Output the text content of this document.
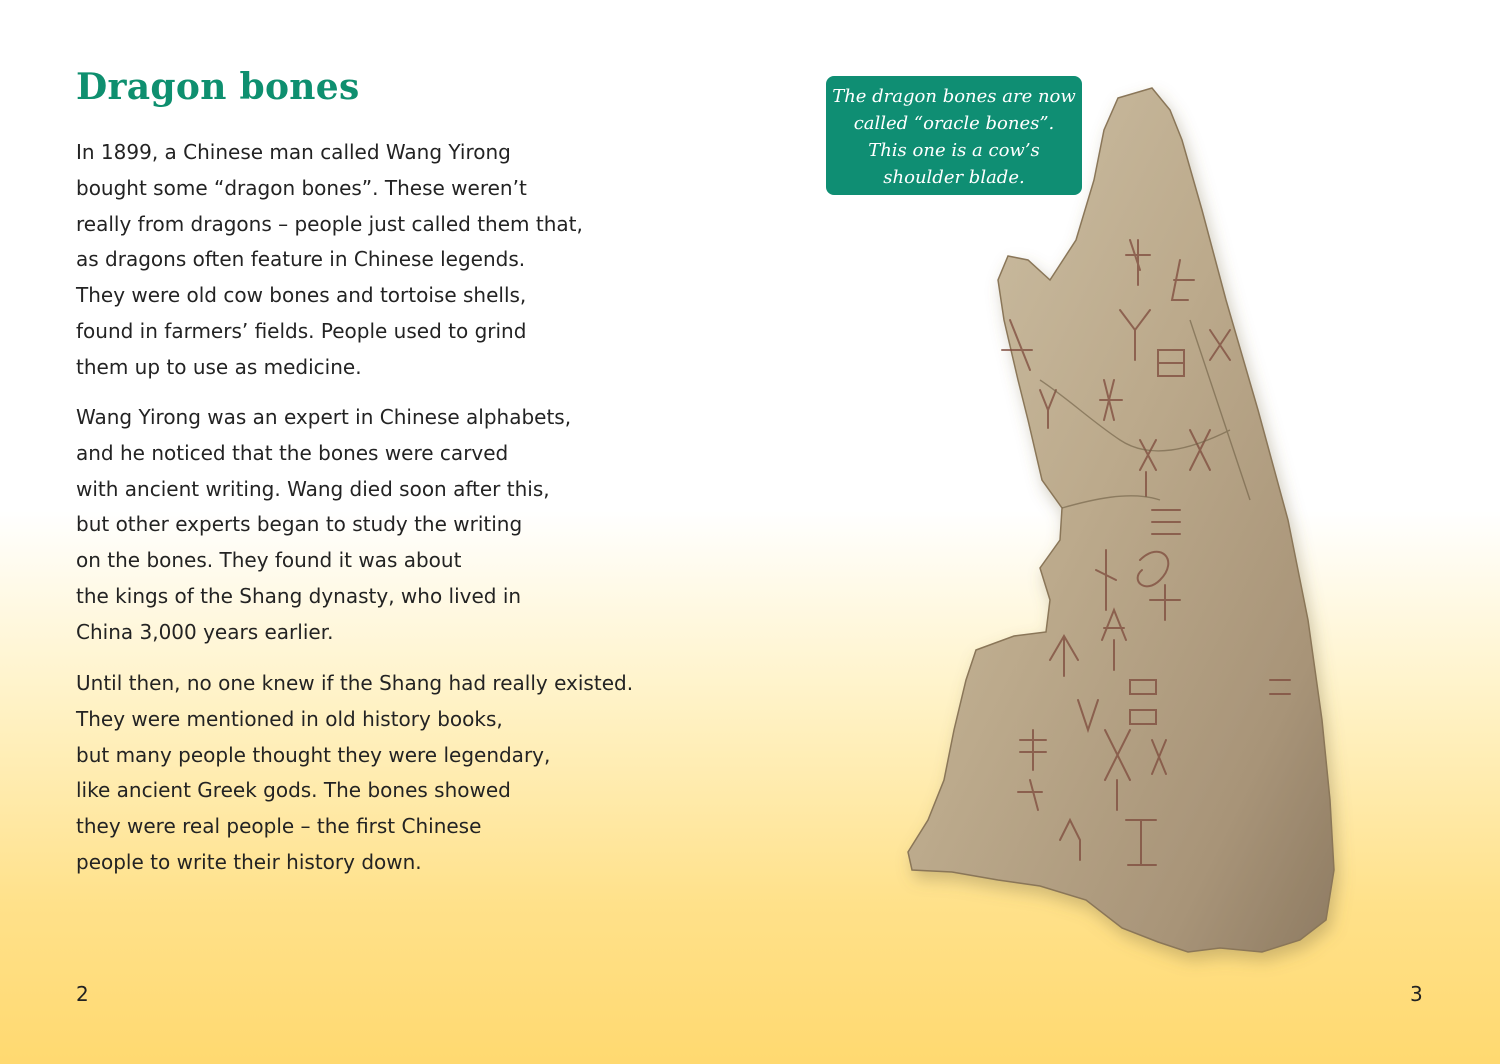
Dragon bones

In 1899, a Chinese man called Wang Yirong
bought some “dragon bones”. These weren’t
really from dragons – people just called them that,
as dragons often feature in Chinese legends.
They were old cow bones and tortoise shells,
found in farmers’ fields. People used to grind
them up to use as medicine.

Wang Yirong was an expert in Chinese alphabets,
and he noticed that the bones were carved
with ancient writing. Wang died soon after this,
but other experts began to study the writing
on the bones. They found it was about
the kings of the Shang dynasty, who lived in
China 3,000 years earlier.

Until then, no one knew if the Shang had really existed.
They were mentioned in old history books,
but many people thought they were legendary,
like ancient Greek gods. The bones showed
they were real people – the first Chinese
people to write their history down.

The dragon bones are now
called “oracle bones”.
This one is a cow’s
shoulder blade.
2	3
